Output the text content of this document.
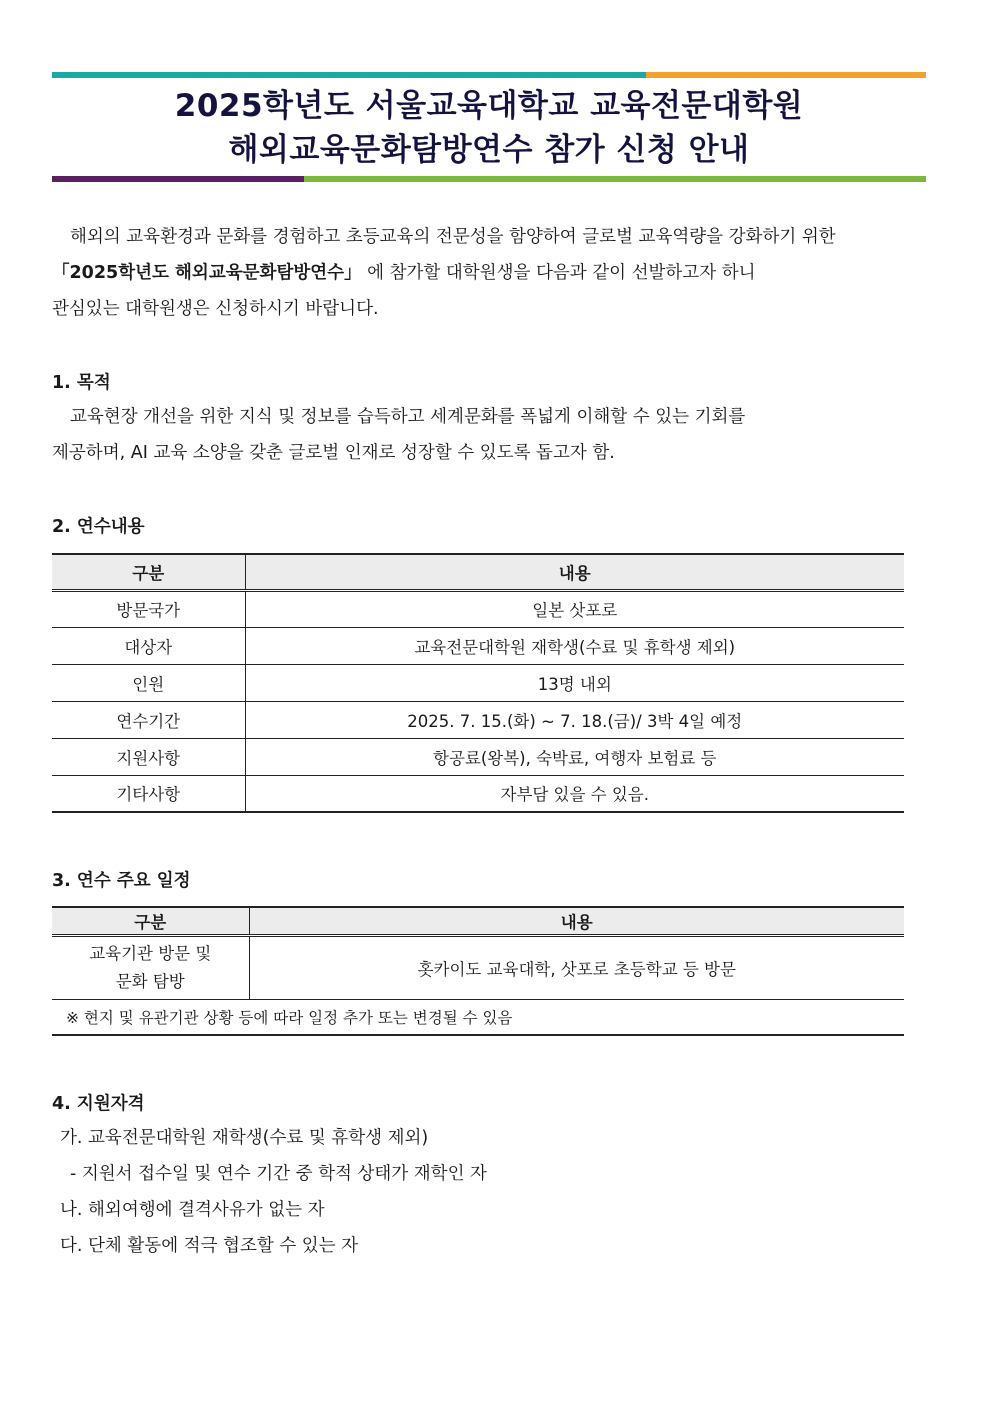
2025학년도 서울교육대학교 교육전문대학원
해외교육문화탐방연수 참가 신청 안내

해외의 교육환경과 문화를 경험하고 초등교육의 전문성을 함양하여 글로벌 교육역량을 강화하기 위한

「2025학년도 해외교육문화탐방연수」 에 참가할 대학원생을 다음과 같이 선발하고자 하니

관심있는 대학원생은 신청하시기 바랍니다.

1. 목적

교육현장 개선을 위한 지식 및 정보를 습득하고 세계문화를 폭넓게 이해할 수 있는 기회를

제공하며, AI 교육 소양을 갖춘 글로벌 인재로 성장할 수 있도록 돕고자 함.

2. 연수내용
구분	내용
방문국가	일본 삿포로
대상자	교육전문대학원 재학생(수료 및 휴학생 제외)
인원	13명 내외
연수기간	2025. 7. 15.(화) ~ 7. 18.(금)/ 3박 4일 예정
지원사항	항공료(왕복), 숙박료, 여행자 보험료 등
기타사항	자부담 있을 수 있음.
3. 연수 주요 일정
구분	내용

교육기관 방문 및
문화 탐방	홋카이도 교육대학, 삿포로 초등학교 등 방문
※ 현지 및 유관기관 상황 등에 따라 일정 추가 또는 변경될 수 있음	
4. 지원자격

가. 교육전문대학원 재학생(수료 및 휴학생 제외)

- 지원서 접수일 및 연수 기간 중 학적 상태가 재학인 자

나. 해외여행에 결격사유가 없는 자

다. 단체 활동에 적극 협조할 수 있는 자
